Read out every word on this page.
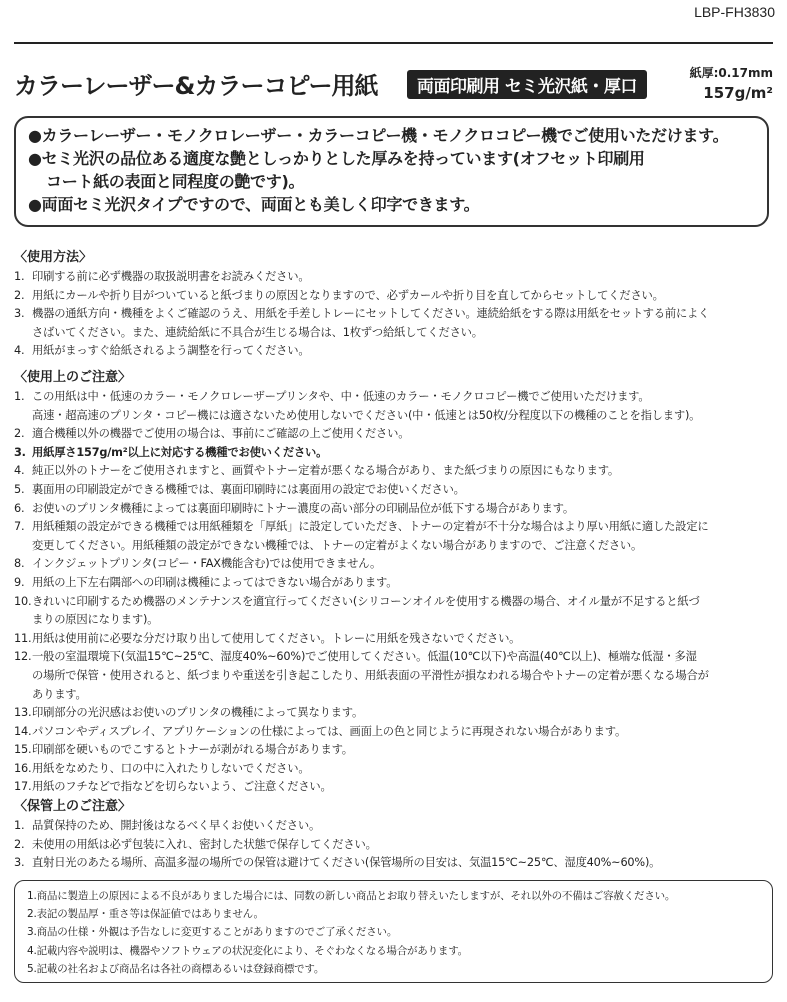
LBP-FH3830
カラーレーザー&カラーコピー用紙	両面印刷用 セミ光沢紙・厚口
紙厚:0.17mm
157g/m²
●カラーレーザー・モノクロレーザー・カラーコピー機・モノクロコピー機でご使用いただけます。
●セミ光沢の品位ある適度な艶としっかりとした厚みを持っています(オフセット印刷用
コート紙の表面と同程度の艶です)。
●両面セミ光沢タイプですので、両面とも美しく印字できます。
〈使用方法〉
1. 印刷する前に必ず機器の取扱説明書をお読みください。
2. 用紙にカールや折り目がついていると紙づまりの原因となりますので、必ずカールや折り目を直してからセットしてください。
3. 機器の通紙方向・機種をよくご確認のうえ、用紙を手差しトレーにセットしてください。連続給紙をする際は用紙をセットする前によく
さばいてください。また、連続給紙に不具合が生じる場合は、1枚ずつ給紙してください。
4. 用紙がまっすぐ給紙されるよう調整を行ってください。
〈使用上のご注意〉
1. この用紙は中・低速のカラー・モノクロレーザープリンタや、中・低速のカラー・モノクロコピー機でご使用いただけます。
高速・超高速のプリンタ・コピー機には適さないため使用しないでください(中・低速とは50枚/分程度以下の機種のことを指します)。
2. 適合機種以外の機器でご使用の場合は、事前にご確認の上ご使用ください。
3. 用紙厚さ157g/m²以上に対応する機種でお使いください。
4. 純正以外のトナーをご使用されますと、画質やトナー定着が悪くなる場合があり、また紙づまりの原因にもなります。
5. 裏面用の印刷設定ができる機種では、裏面印刷時には裏面用の設定でお使いください。
6. お使いのプリンタ機種によっては裏面印刷時にトナー濃度の高い部分の印刷品位が低下する場合があります。
7. 用紙種類の設定ができる機種では用紙種類を「厚紙」に設定していただき、トナーの定着が不十分な場合はより厚い用紙に適した設定に
変更してください。用紙種類の設定ができない機種では、トナーの定着がよくない場合がありますので、ご注意ください。
8. インクジェットプリンタ(コピー・FAX機能含む)では使用できません。
9. 用紙の上下左右隅部への印刷は機種によってはできない場合があります。
10.きれいに印刷するため機器のメンテナンスを適宜行ってください(シリコーンオイルを使用する機器の場合、オイル量が不足すると紙づ
まりの原因になります)。
11.用紙は使用前に必要な分だけ取り出して使用してください。トレーに用紙を残さないでください。
12.一般の室温環境下(気温15℃~25℃、湿度40%~60%)でご使用してください。低温(10℃以下)や高温(40℃以上)、極端な低湿・多湿
の場所で保管・使用されると、紙づまりや重送を引き起こしたり、用紙表面の平滑性が損なわれる場合やトナーの定着が悪くなる場合が
あります。
13.印刷部分の光沢感はお使いのプリンタの機種によって異なります。
14.パソコンやディスプレイ、アプリケーションの仕様によっては、画面上の色と同じように再現されない場合があります。
15.印刷部を硬いものでこするとトナーが剥がれる場合があります。
16.用紙をなめたり、口の中に入れたりしないでください。
17.用紙のフチなどで指などを切らないよう、ご注意ください。
〈保管上のご注意〉
1. 品質保持のため、開封後はなるべく早くお使いください。
2. 未使用の用紙は必ず包装に入れ、密封した状態で保存してください。
3. 直射日光のあたる場所、高温多湿の場所での保管は避けてください(保管場所の目安は、気温15℃~25℃、湿度40%~60%)。
1.商品に製造上の原因による不良がありました場合には、同数の新しい商品とお取り替えいたしますが、それ以外の不備はご容赦ください。
2.表記の製品厚・重さ等は保証値ではありません。
3.商品の仕様・外観は予告なしに変更することがありますのでご了承ください。
4.記載内容や説明は、機器やソフトウェアの状況変化により、そぐわなくなる場合があります。
5.記載の社名および商品名は各社の商標あるいは登録商標です。
